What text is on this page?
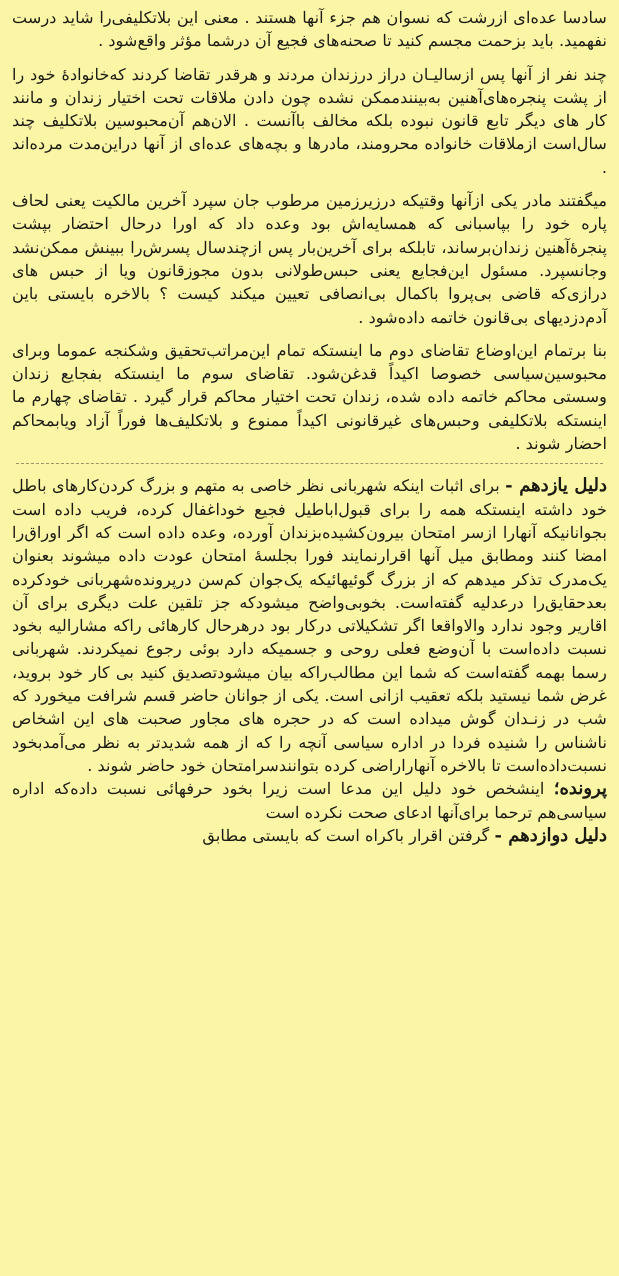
سادسا عده‌ای ازرشت که نسوان هم جزء آنها هستند . معنی این بلاتکلیفی‌را شاید درست نفهمید. باید بزحمت مجسم کنید تا صحنه‌های فجیع آن درشما مؤثر واقع‌شود .

چند نفر از آنها پس ازسالیـان دراز درزندان مردند و هرقدر تقاضا کردند که‌خانوادهٔ خود را از پشت پنجره‌های‌آهنین به‌بینندممکن نشده چون دادن ملاقات تحت اختیار زندان و مانند کار های دیگر تابع قانون نبوده بلکه مخالف باآنست . الان‌هم آن‌محبوسین بلاتکلیف چند سال‌است ازملاقات خانواده محرومند، مادرها و بچه‌های عده‌ای از آنها دراین‌مدت مرده‌اند .

میگفتند مادر یکی ازآنها وقتیکه درزیرزمین مرطوب جان سپرد آخرین مالکیت یعنی لحاف پاره خود را بپاسبانی که همسایه‌اش بود وعده داد که اورا درحال احتضار بپشت پنجرهٔ‌آهنین زندان‌برساند، تابلکه برای آخرین‌بار پس ازچندسال پسرش‌را ببینش ممکن‌نشد وجانسپرد. مسئول این‌فجایع یعنی حبس‌طولانی بدون مجوزقانون ویا از حبس های درازی‌که قاضی بی‌پروا باکمال بی‌انصافی تعیین میکند کیست ؟ بالاخره بایستی باین آدم‌دزدیهای بی‌قانون خاتمه داده‌شود .

بنا برتمام این‌اوضاع تقاضای دوم ما اینستکه تمام این‌مراتب‌تحقیق وشکنجه عموما وبرای محبوسین‌سیاسی خصوصا اکیداً قدغن‌شود. تقاضای سوم ما اینستکه بفجایع زندان وسستی محاکم خاتمه داده شده، زندان تحت اختیار محاکم قرار گیرد . تقاضای چهارم ما اینستکه بلاتکلیفی وحبس‌های غیرقانونی اکیداً ممنوع و بلاتکلیف‌ها فوراً آزاد ویابمحاکم احضار شوند .

دلیل یازدهم - برای اثبات اینکه شهربانی نظر خاصی به متهم و بزرگ کردن‌کارهای باطل خود داشته اینستکه همه را برای قبول‌اباطیل فجیع خودا‌غفال کرده، فریب داده است بجوانانیکه آنهارا ازسر امتحان بیرون‌کشیده‌بزندان آورده، وعده داده است که اگر اوراق‌را امضا کنند ومطابق میل آنها اقرارنمایند فورا بجلسهٔ امتحان عودت داده میشوند بعنوان یک‌مدرک تذکر میدهم که از بزرگ گوئیهائیکه یک‌جوان کم‌سن درپرونده‌شهربانی خود‌کرده بعدحقایق‌را درعدلیه گفته‌است. بخوبی‌واضح میشودکه جز تلقین علت دیگری برای آن اقاریر وجود ندارد والاواقعا اگر تشکیلاتی درکار بود درهرحال کارهائی راکه مشارالیه بخود نسبت داده‌است با آن‌وضع فعلی روحی و جسمیکه دارد بوئی رجوع نمیکردند. شهربانی رسما بهمه گفته‌است که شما این مطالب‌راکه بیان میشودتصدیق کنید بی کار خود بروید، غرض شما نیستید بلکه تعقیب ازانی است. یکی از جوانان حاضر قسم شرافت میخورد که شب در زنـدان گوش میداده است که در حجره های مجاور صحبت های این اشخاص ناشناس را شنیده فردا در اداره سیاسی آنچه را که از همه شدیدتر به نظر می‌آمدبخود نسبت‌داده‌است تا بالاخره آنهاراراضی کرده بتوانندسرامتحان خود حاضر شوند .

پرونده؛ اینشخص خود دلیل این مدعا است زیرا بخود حرفهائی نسبت داده‌که اداره سیاسی‌هم ترحما برای‌آنها ادعای صحت نکرده است

دلیل دوازدهم - گرفتن اقرار باکراه است که بایستی مطابق
